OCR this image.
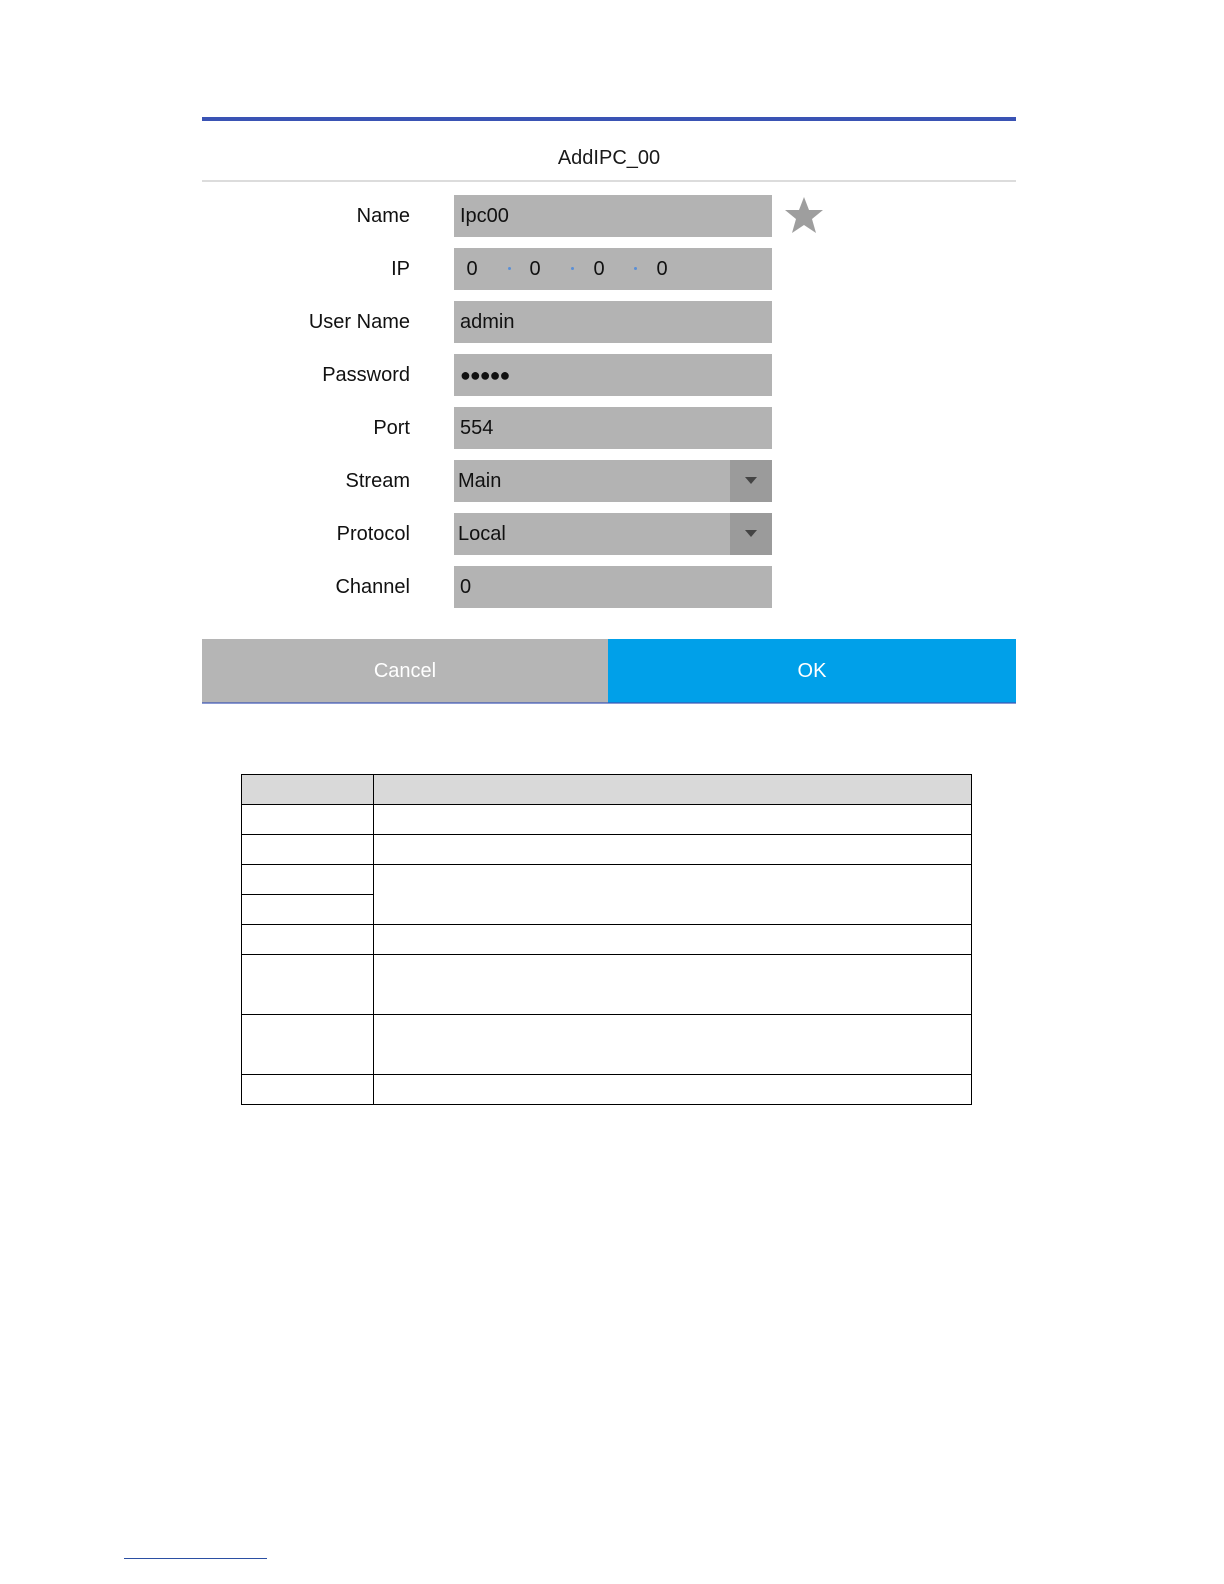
AddIPC_00
Name	Ipc00
IP	0	0	0	0
User Name	admin
Password	●●●●●
Port	554
Stream Main
Protocol Local
Channel	0
Cancel	OK
